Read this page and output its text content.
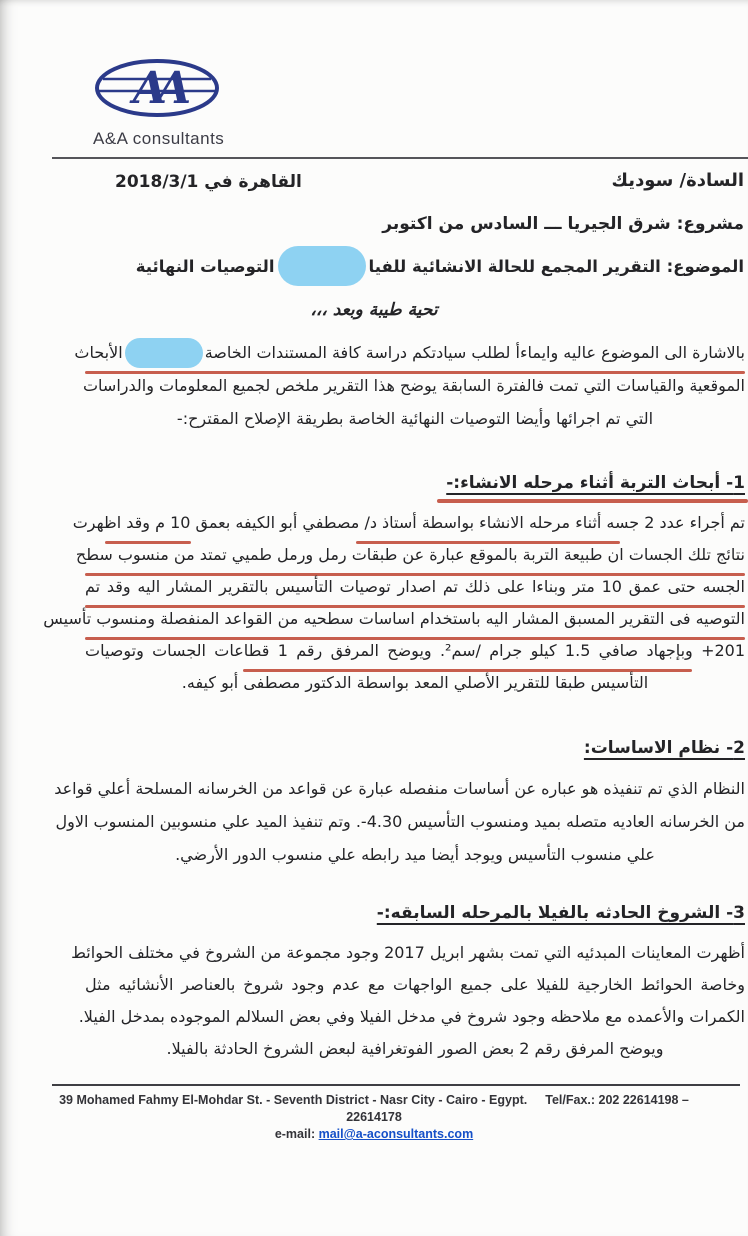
AA
A&A consultants
السادة/ سوديك
القاهرة في 2018/3/1
مشروع: شرق الجيريا ـــ السادس من اكتوبر
الموضوع: التقرير المجمع للحالة الانشائية للفياالتوصيات النهائية
تحية طيبة وبعد ،،،
بالاشارة الى الموضوع عاليه وايماءأ لطلب سيادتكم دراسة كافة المستندات الخاصةالأبحاث
الموقعية والقياسات التي تمت فالفترة السابقة يوضح هذا التقرير ملخص لجميع المعلومات والدراسات
التي تم اجرائها وأيضا التوصيات النهائية الخاصة بطريقة الإصلاح المقترح:-
1- أبحاث التربة أثناء مرحله الانشاء:-
تم أجراء عدد 2 جسه أثناء مرحله الانشاء بواسطة أستاذ د/ مصطفي أبو الكيفه بعمق 10 م وقد اظهرت
نتائج تلك الجسات ان طبيعة التربة بالموقع عبارة عن طبقات رمل ورمل طميي تمتد من منسوب سطح
الجسه حتى عمق 10 متر وبناءا على ذلك تم اصدار توصيات التأسيس بالتقرير المشار اليه وقد تم
التوصيه فى التقرير المسبق المشار اليه باستخدام اساسات سطحيه من القواعد المنفصلة ومنسوب تأسيس
201+ وبإجهاد صافي 1.5 كيلو جرام /سم². ويوضح المرفق رقم 1 قطاعات الجسات وتوصيات
التأسيس طبقا للتقرير الأصلي المعد بواسطة الدكتور مصطفى أبو كيفه.
2- نظام الاساسات:
النظام الذي تم تنفيذه هو عباره عن أساسات منفصله عبارة عن قواعد من الخرسانه المسلحة أعلي قواعد
من الخرسانه العاديه متصله بميد ومنسوب التأسيس 4.30-. وتم تنفيذ الميد علي منسوبين المنسوب الاول
علي منسوب التأسيس ويوجد أيضا ميد رابطه علي منسوب الدور الأرضي.
3- الشروخ الحادثه بالفيلا بالمرحله السابقه:-
أظهرت المعاينات المبدئيه التي تمت بشهر ابريل 2017 وجود مجموعة من الشروخ في مختلف الحوائط
وخاصة الحوائط الخارجية للفيلا على جميع الواجهات مع عدم وجود شروخ بالعناصر الأنشائيه مثل
الكمرات والأعمده مع ملاحظه وجود شروخ في مدخل الفيلا وفي بعض السلالم الموجوده بمدخل الفيلا.
ويوضح المرفق رقم 2 بعض الصور الفوتغرافية لبعض الشروخ الحادثة بالفيلا.
39 Mohamed Fahmy El-Mohdar St. - Seventh District - Nasr City - Cairo - Egypt. Tel/Fax.: 202 22614198 –
22614178
e-mail: mail@a-aconsultants.com
